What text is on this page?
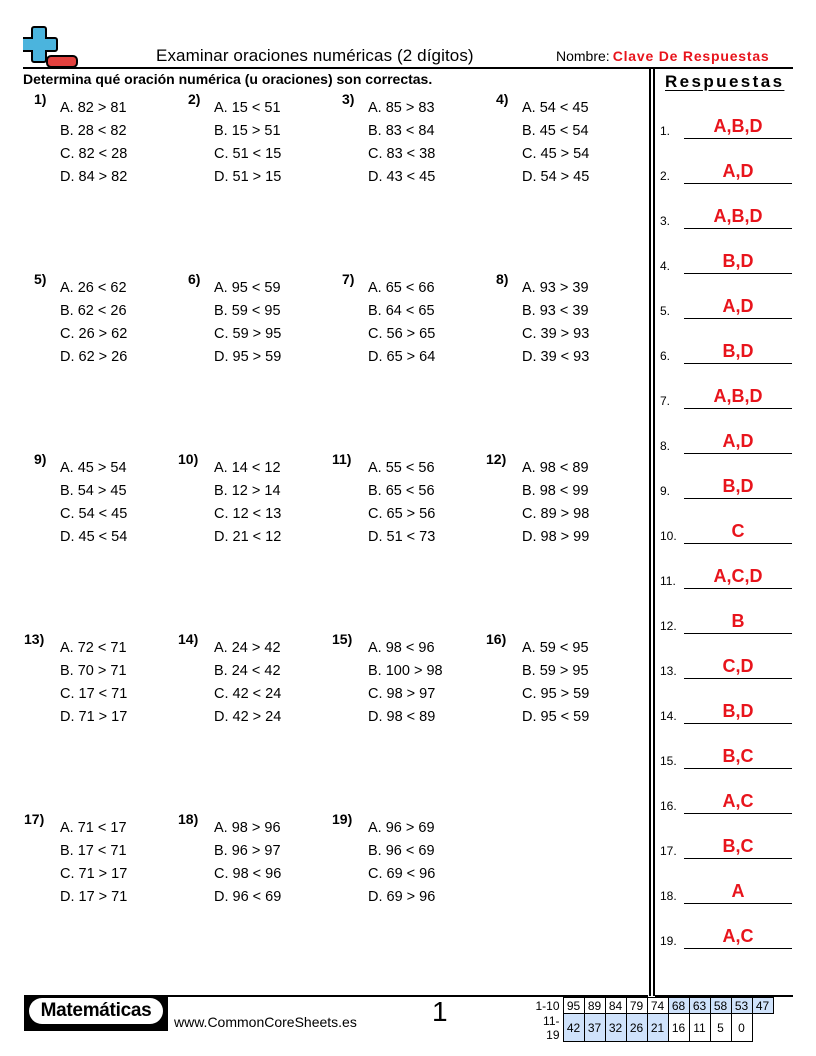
Examinar oraciones numéricas (2 dígitos)	Nombre: Clave De Respuestas
Determina qué oración numérica (u oraciones) son correctas.
1)
A. 82 > 81
B. 28 < 82
C. 82 < 28
D. 84 > 82
2)
A. 15 < 51
B. 15 > 51
C. 51 < 15
D. 51 > 15
3)
A. 85 > 83
B. 83 < 84
C. 83 < 38
D. 43 < 45
4)
A. 54 < 45
B. 45 < 54
C. 45 > 54
D. 54 > 45
5)
A. 26 < 62
B. 62 < 26
C. 26 > 62
D. 62 > 26
6)
A. 95 < 59
B. 59 < 95
C. 59 > 95
D. 95 > 59
7)
A. 65 < 66
B. 64 < 65
C. 56 > 65
D. 65 > 64
8)
A. 93 > 39
B. 93 < 39
C. 39 > 93
D. 39 < 93
9)
A. 45 > 54
B. 54 > 45
C. 54 < 45
D. 45 < 54
10)
A. 14 < 12
B. 12 > 14
C. 12 < 13
D. 21 < 12
11)
A. 55 < 56
B. 65 < 56
C. 65 > 56
D. 51 < 73
12)
A. 98 < 89
B. 98 < 99
C. 89 > 98
D. 98 > 99
13)
A. 72 < 71
B. 70 > 71
C. 17 < 71
D. 71 > 17
14)
A. 24 > 42
B. 24 < 42
C. 42 < 24
D. 42 > 24
15)
A. 98 < 96
B. 100 > 98
C. 98 > 97
D. 98 < 89
16)
A. 59 < 95
B. 59 > 95
C. 95 > 59
D. 95 < 59
17)
A. 71 < 17
B. 17 < 71
C. 71 > 17
D. 17 > 71
18)
A. 98 > 96
B. 96 > 97
C. 98 < 96
D. 96 < 69
19)
A. 96 > 69
B. 96 < 69
C. 69 < 96
D. 69 > 96
Respuestas
1.	A,B,D
2.	A,D
3.	A,B,D
4.	B,D
5.	A,D
6.	B,D
7.	A,B,D
8.	A,D
9.	B,D
10.	C
11.	A,C,D
12.	B
13.	C,D
14.	B,D
15.	B,C
16.	A,C
17.	B,C
18.	A
19.	A,C
Matemáticas
www.CommonCoreSheets.es	1	1-10	95	89	84	79	74	68	63	58	53	47
11-19	42	37	32	26	21	16	11	5	0	
